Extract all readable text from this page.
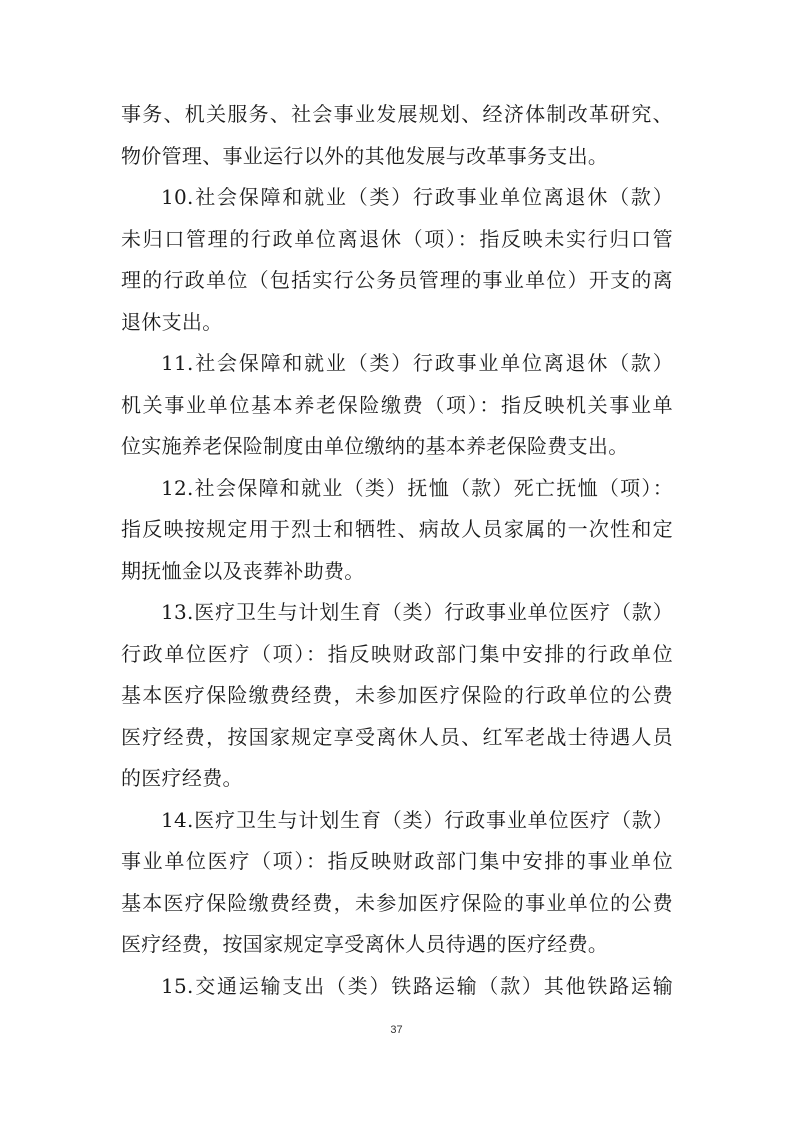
事务、机关服务、社会事业发展规划、经济体制改革研究、
物价管理、事业运行以外的其他发展与改革事务支出。
10.社会保障和就业（类）行政事业单位离退休（款）
未归口管理的行政单位离退休（项）：指反映未实行归口管
理的行政单位（包括实行公务员管理的事业单位）开支的离
退休支出。
11.社会保障和就业（类）行政事业单位离退休（款）
机关事业单位基本养老保险缴费（项）：指反映机关事业单
位实施养老保险制度由单位缴纳的基本养老保险费支出。
12.社会保障和就业（类）抚恤（款）死亡抚恤（项）：
指反映按规定用于烈士和牺牲、病故人员家属的一次性和定
期抚恤金以及丧葬补助费。
13.医疗卫生与计划生育（类）行政事业单位医疗（款）
行政单位医疗（项）：指反映财政部门集中安排的行政单位
基本医疗保险缴费经费，未参加医疗保险的行政单位的公费
医疗经费，按国家规定享受离休人员、红军老战士待遇人员
的医疗经费。
14.医疗卫生与计划生育（类）行政事业单位医疗（款）
事业单位医疗（项）：指反映财政部门集中安排的事业单位
基本医疗保险缴费经费，未参加医疗保险的事业单位的公费
医疗经费，按国家规定享受离休人员待遇的医疗经费。
15.交通运输支出（类）铁路运输（款）其他铁路运输
37
